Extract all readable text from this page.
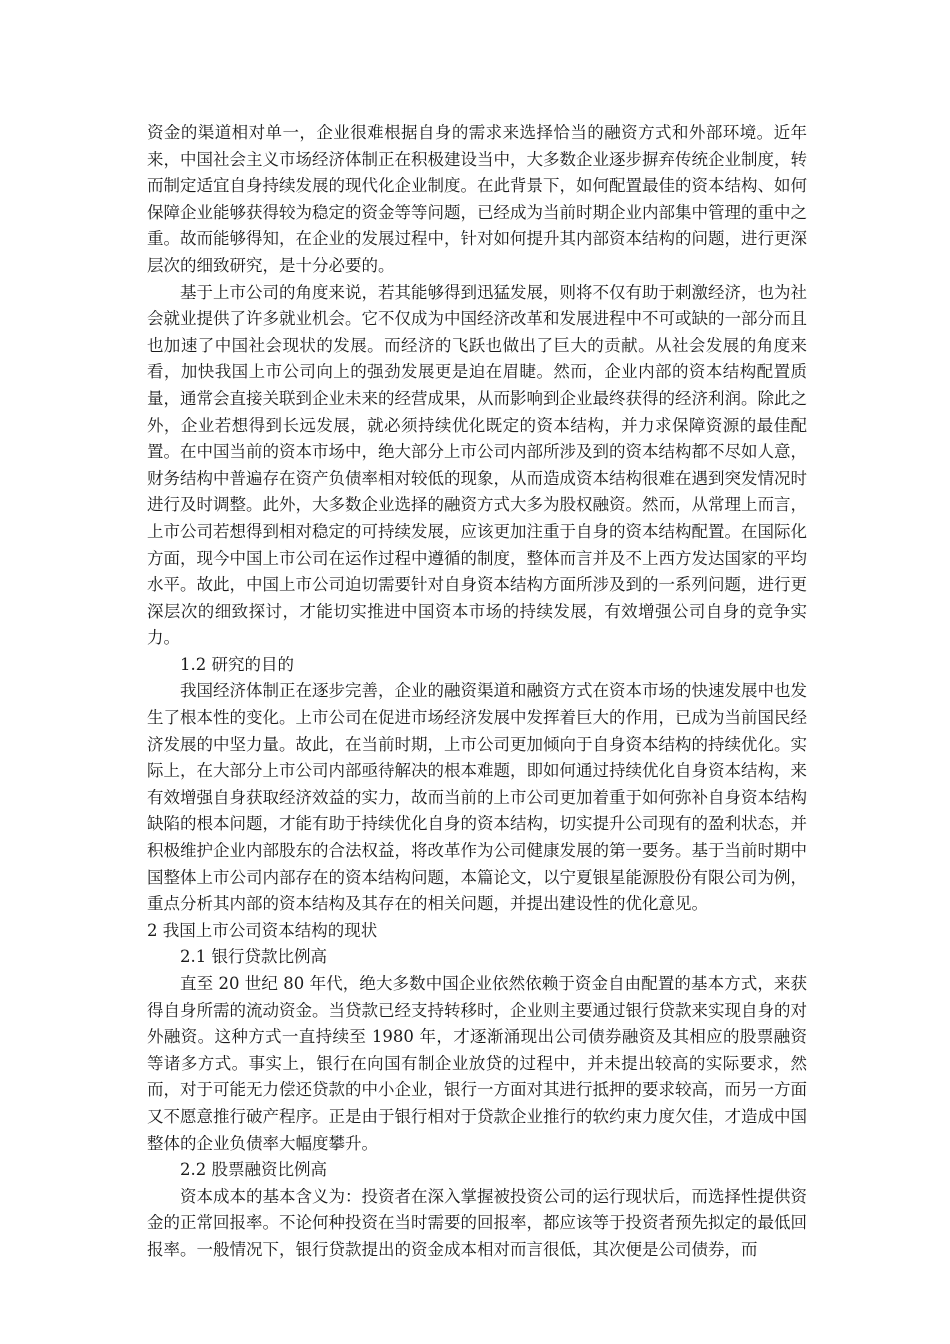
资金的渠道相对单一，企业很难根据自身的需求来选择恰当的融资方式和外部环境。近年来，中国社会主义市场经济体制正在积极建设当中，大多数企业逐步摒弃传统企业制度，转而制定适宜自身持续发展的现代化企业制度。在此背景下，如何配置最佳的资本结构、如何保障企业能够获得较为稳定的资金等等问题，已经成为当前时期企业内部集中管理的重中之重。故而能够得知，在企业的发展过程中，针对如何提升其内部资本结构的问题，进行更深层次的细致研究，是十分必要的。

基于上市公司的角度来说，若其能够得到迅猛发展，则将不仅有助于刺激经济，也为社会就业提供了许多就业机会。它不仅成为中国经济改革和发展进程中不可或缺的一部分而且也加速了中国社会现状的发展。而经济的飞跃也做出了巨大的贡献。从社会发展的角度来看，加快我国上市公司向上的强劲发展更是迫在眉睫。然而，企业内部的资本结构配置质量，通常会直接关联到企业未来的经营成果，从而影响到企业最终获得的经济利润。除此之外，企业若想得到长远发展，就必须持续优化既定的资本结构，并力求保障资源的最佳配置。在中国当前的资本市场中，绝大部分上市公司内部所涉及到的资本结构都不尽如人意，财务结构中普遍存在资产负债率相对较低的现象，从而造成资本结构很难在遇到突发情况时进行及时调整。此外，大多数企业选择的融资方式大多为股权融资。然而，从常理上而言，上市公司若想得到相对稳定的可持续发展，应该更加注重于自身的资本结构配置。在国际化方面，现今中国上市公司在运作过程中遵循的制度，整体而言并及不上西方发达国家的平均水平。故此，中国上市公司迫切需要针对自身资本结构方面所涉及到的一系列问题，进行更深层次的细致探讨，才能切实推进中国资本市场的持续发展，有效增强公司自身的竞争实力。

1.2 研究的目的

我国经济体制正在逐步完善，企业的融资渠道和融资方式在资本市场的快速发展中也发生了根本性的变化。上市公司在促进市场经济发展中发挥着巨大的作用，已成为当前国民经济发展的中坚力量。故此，在当前时期，上市公司更加倾向于自身资本结构的持续优化。实际上，在大部分上市公司内部亟待解决的根本难题，即如何通过持续优化自身资本结构，来有效增强自身获取经济效益的实力，故而当前的上市公司更加着重于如何弥补自身资本结构缺陷的根本问题，才能有助于持续优化自身的资本结构，切实提升公司现有的盈利状态，并积极维护企业内部股东的合法权益，将改革作为公司健康发展的第一要务。基于当前时期中国整体上市公司内部存在的资本结构问题，本篇论文，以宁夏银星能源股份有限公司为例，重点分析其内部的资本结构及其存在的相关问题，并提出建设性的优化意见。

2 我国上市公司资本结构的现状

2.1 银行贷款比例高

直至 20 世纪 80 年代，绝大多数中国企业依然依赖于资金自由配置的基本方式，来获得自身所需的流动资金。当贷款已经支持转移时，企业则主要通过银行贷款来实现自身的对外融资。这种方式一直持续至 1980 年，才逐渐涌现出公司债券融资及其相应的股票融资等诸多方式。事实上，银行在向国有制企业放贷的过程中，并未提出较高的实际要求，然而，对于可能无力偿还贷款的中小企业，银行一方面对其进行抵押的要求较高，而另一方面又不愿意推行破产程序。正是由于银行相对于贷款企业推行的软约束力度欠佳，才造成中国整体的企业负债率大幅度攀升。

2.2 股票融资比例高

资本成本的基本含义为：投资者在深入掌握被投资公司的运行现状后，而选择性提供资金的正常回报率。不论何种投资在当时需要的回报率，都应该等于投资者预先拟定的最低回报率。一般情况下，银行贷款提出的资金成本相对而言很低，其次便是公司债券，而
